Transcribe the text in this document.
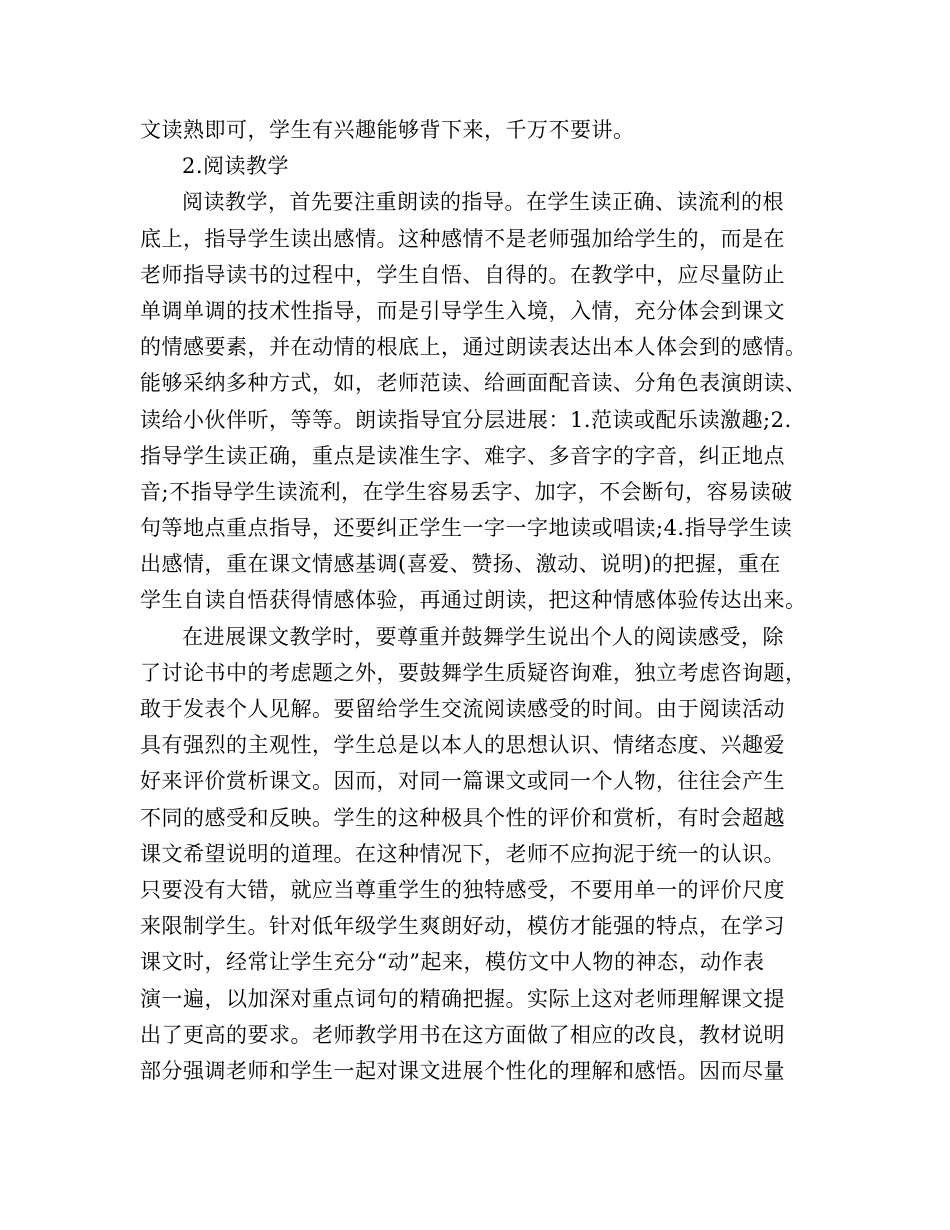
文读熟即可，学生有兴趣能够背下来，千万不要讲。
2.阅读教学
阅读教学，首先要注重朗读的指导。在学生读正确、读流利的根
底上，指导学生读出感情。这种感情不是老师强加给学生的，而是在
老师指导读书的过程中，学生自悟、自得的。在教学中，应尽量防止
单调单调的技术性指导，而是引导学生入境，入情，充分体会到课文
的情感要素，并在动情的根底上，通过朗读表达出本人体会到的感情。
能够采纳多种方式，如，老师范读、给画面配音读、分角色表演朗读、
读给小伙伴听，等等。朗读指导宜分层进展：1.范读或配乐读激趣;2.
指导学生读正确，重点是读准生字、难字、多音字的字音，纠正地点
音;不指导学生读流利，在学生容易丢字、加字，不会断句，容易读破
句等地点重点指导，还要纠正学生一字一字地读或唱读;4.指导学生读
出感情，重在课文情感基调(喜爱、赞扬、激动、说明)的把握，重在
学生自读自悟获得情感体验，再通过朗读，把这种情感体验传达出来。
在进展课文教学时，要尊重并鼓舞学生说出个人的阅读感受，除
了讨论书中的考虑题之外，要鼓舞学生质疑咨询难，独立考虑咨询题，
敢于发表个人见解。要留给学生交流阅读感受的时间。由于阅读活动
具有强烈的主观性，学生总是以本人的思想认识、情绪态度、兴趣爱
好来评价赏析课文。因而，对同一篇课文或同一个人物，往往会产生
不同的感受和反映。学生的这种极具个性的评价和赏析，有时会超越
课文希望说明的道理。在这种情况下，老师不应拘泥于统一的认识。
只要没有大错，就应当尊重学生的独特感受，不要用单一的评价尺度
来限制学生。针对低年级学生爽朗好动，模仿才能强的特点，在学习
课文时，经常让学生充分“动”起来，模仿文中人物的神态，动作表
演一遍，以加深对重点词句的精确把握。实际上这对老师理解课文提
出了更高的要求。老师教学用书在这方面做了相应的改良，教材说明
部分强调老师和学生一起对课文进展个性化的理解和感悟。因而尽量
